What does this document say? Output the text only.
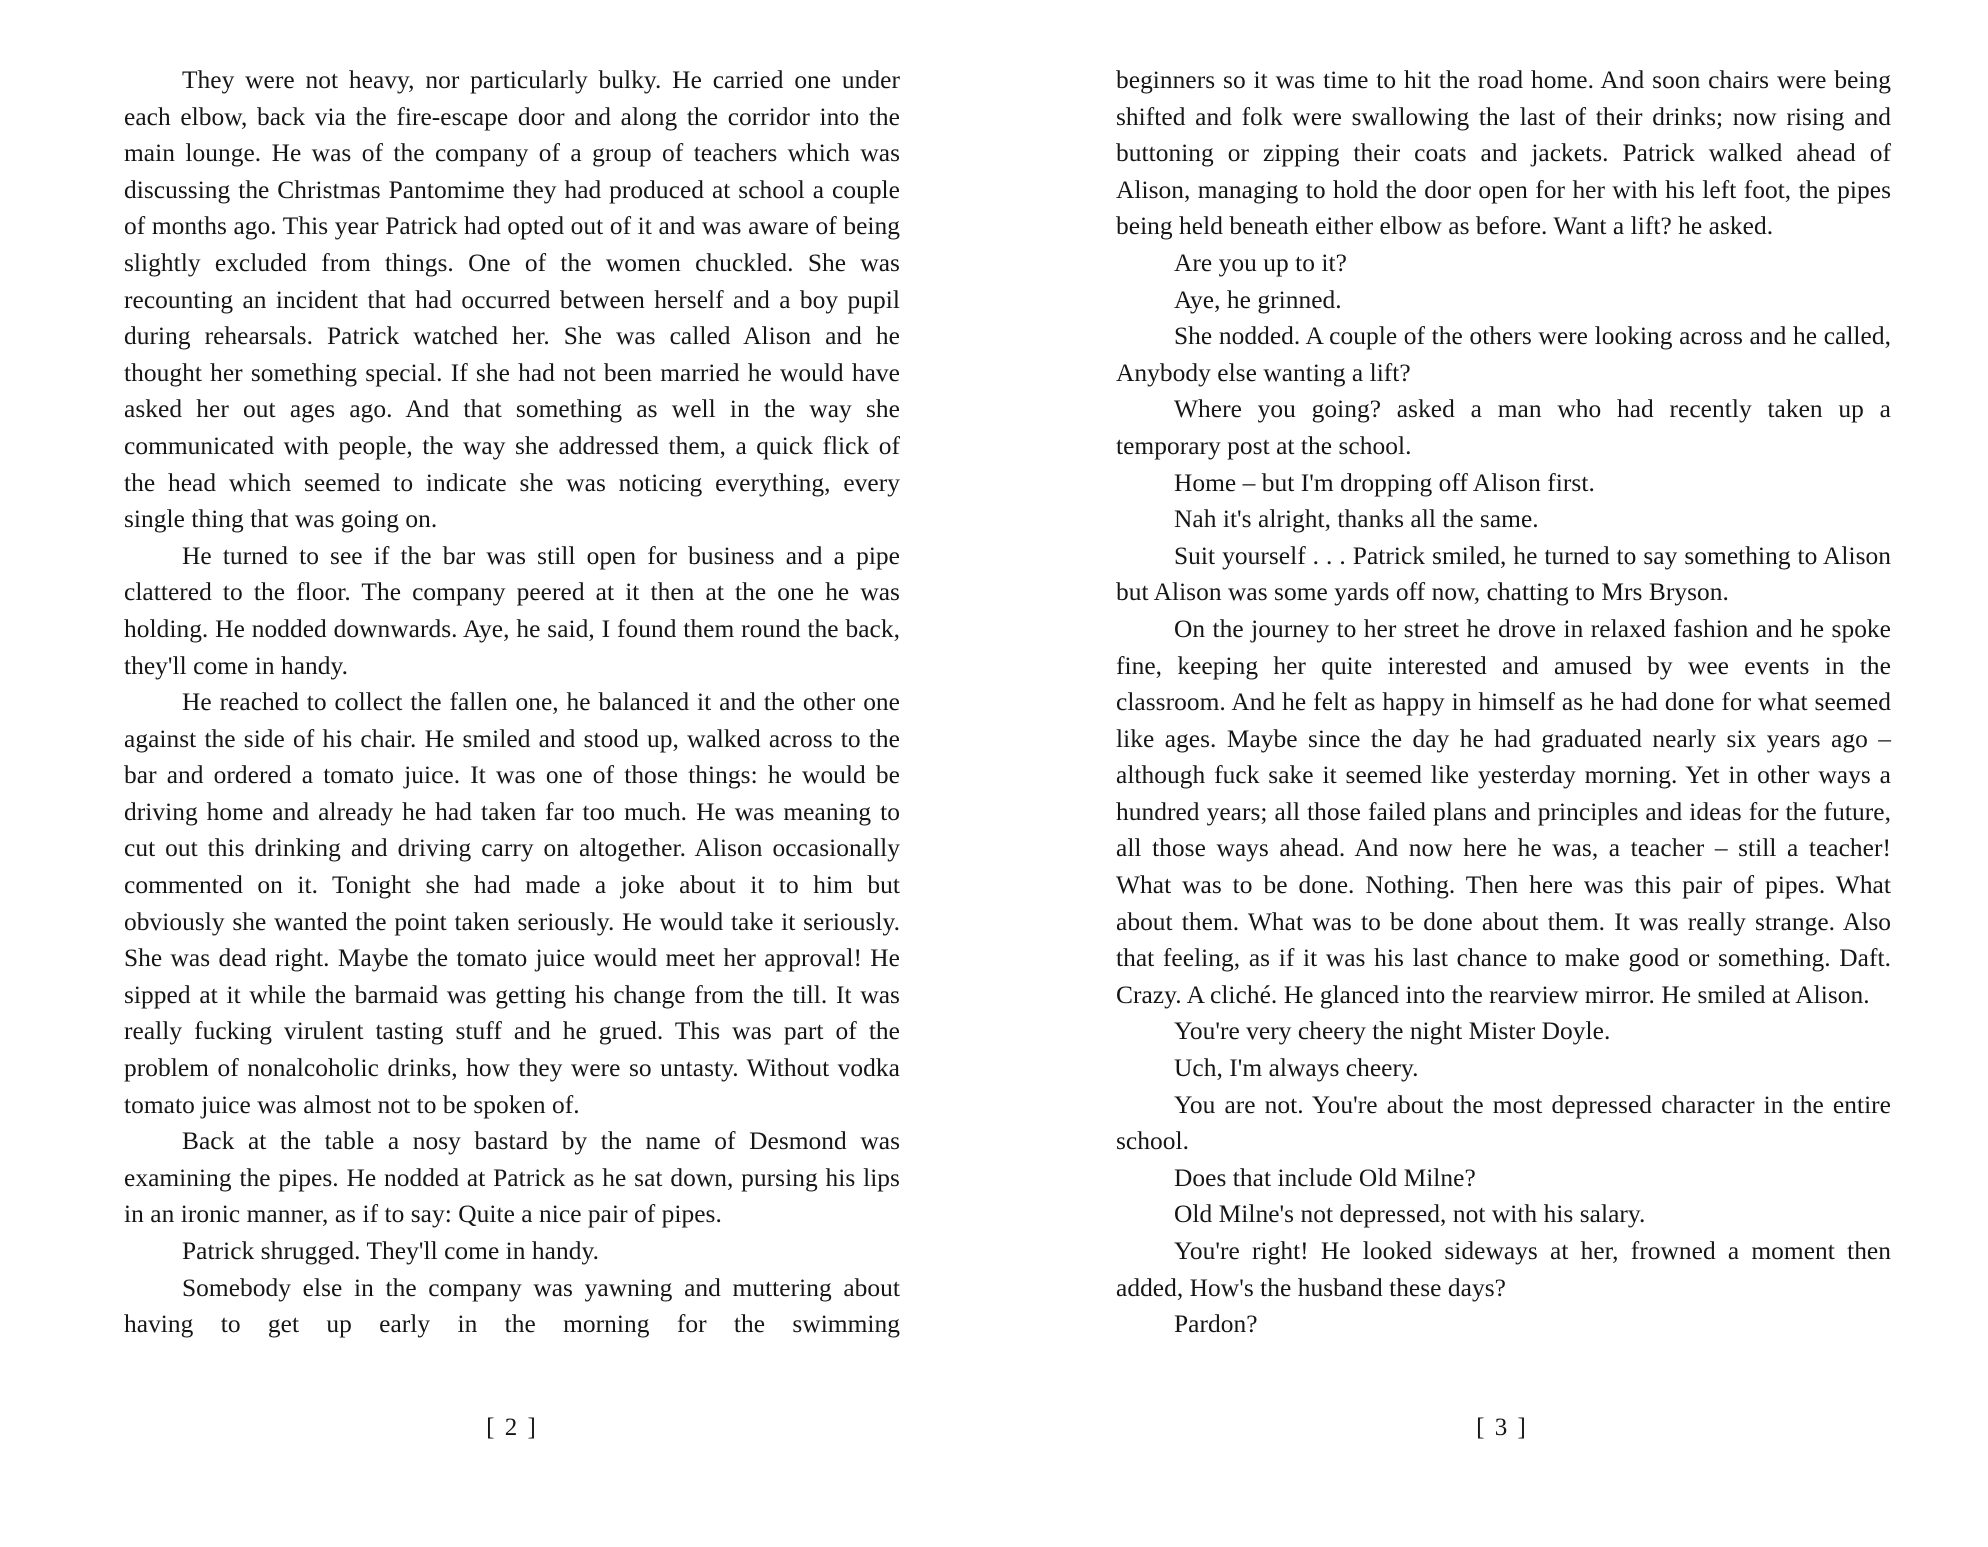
They were not heavy, nor particularly bulky. He carried one under each elbow, back via the fire-escape door and along the corridor into the main lounge. He was of the company of a group of teachers which was discussing the Christmas Pantomime they had produced at school a couple of months ago. This year Patrick had opted out of it and was aware of being slightly excluded from things. One of the women chuckled. She was recounting an incident that had occurred between herself and a boy pupil during rehearsals. Patrick watched her. She was called Alison and he thought her something special. If she had not been married he would have asked her out ages ago. And that something as well in the way she communicated with people, the way she addressed them, a quick flick of the head which seemed to indicate she was noticing everything, every single thing that was going on.

He turned to see if the bar was still open for business and a pipe clattered to the floor. The company peered at it then at the one he was holding. He nodded downwards. Aye, he said, I found them round the back, they'll come in handy.

He reached to collect the fallen one, he balanced it and the other one against the side of his chair. He smiled and stood up, walked across to the bar and ordered a tomato juice. It was one of those things: he would be driving home and already he had taken far too much. He was meaning to cut out this drinking and driving carry on altogether. Alison occasionally commented on it. Tonight she had made a joke about it to him but obviously she wanted the point taken seriously. He would take it seriously. She was dead right. Maybe the tomato juice would meet her approval! He sipped at it while the barmaid was getting his change from the till. It was really fucking virulent tasting stuff and he grued. This was part of the problem of nonalcoholic drinks, how they were so untasty. Without vodka tomato juice was almost not to be spoken of.

Back at the table a nosy bastard by the name of Desmond was examining the pipes. He nodded at Patrick as he sat down, pursing his lips in an ironic manner, as if to say: Quite a nice pair of pipes.

Patrick shrugged. They'll come in handy.

Somebody else in the company was yawning and muttering about having to get up early in the morning for the swimming

[ 2 ]

beginners so it was time to hit the road home. And soon chairs were being shifted and folk were swallowing the last of their drinks; now rising and buttoning or zipping their coats and jackets. Patrick walked ahead of Alison, managing to hold the door open for her with his left foot, the pipes being held beneath either elbow as before. Want a lift? he asked.

Are you up to it?

Aye, he grinned.

She nodded. A couple of the others were looking across and he called, Anybody else wanting a lift?

Where you going? asked a man who had recently taken up a temporary post at the school.

Home – but I'm dropping off Alison first.

Nah it's alright, thanks all the same.

Suit yourself . . . Patrick smiled, he turned to say something to Alison but Alison was some yards off now, chatting to Mrs Bryson.

On the journey to her street he drove in relaxed fashion and he spoke fine, keeping her quite interested and amused by wee events in the classroom. And he felt as happy in himself as he had done for what seemed like ages. Maybe since the day he had graduated nearly six years ago – although fuck sake it seemed like yesterday morning. Yet in other ways a hundred years; all those failed plans and principles and ideas for the future, all those ways ahead. And now here he was, a teacher – still a teacher! What was to be done. Nothing. Then here was this pair of pipes. What about them. What was to be done about them. It was really strange. Also that feeling, as if it was his last chance to make good or something. Daft. Crazy. A cliché. He glanced into the rearview mirror. He smiled at Alison.

You're very cheery the night Mister Doyle.

Uch, I'm always cheery.

You are not. You're about the most depressed character in the entire school.

Does that include Old Milne?

Old Milne's not depressed, not with his salary.

You're right! He looked sideways at her, frowned a moment then added, How's the husband these days?

Pardon?

[ 3 ]
